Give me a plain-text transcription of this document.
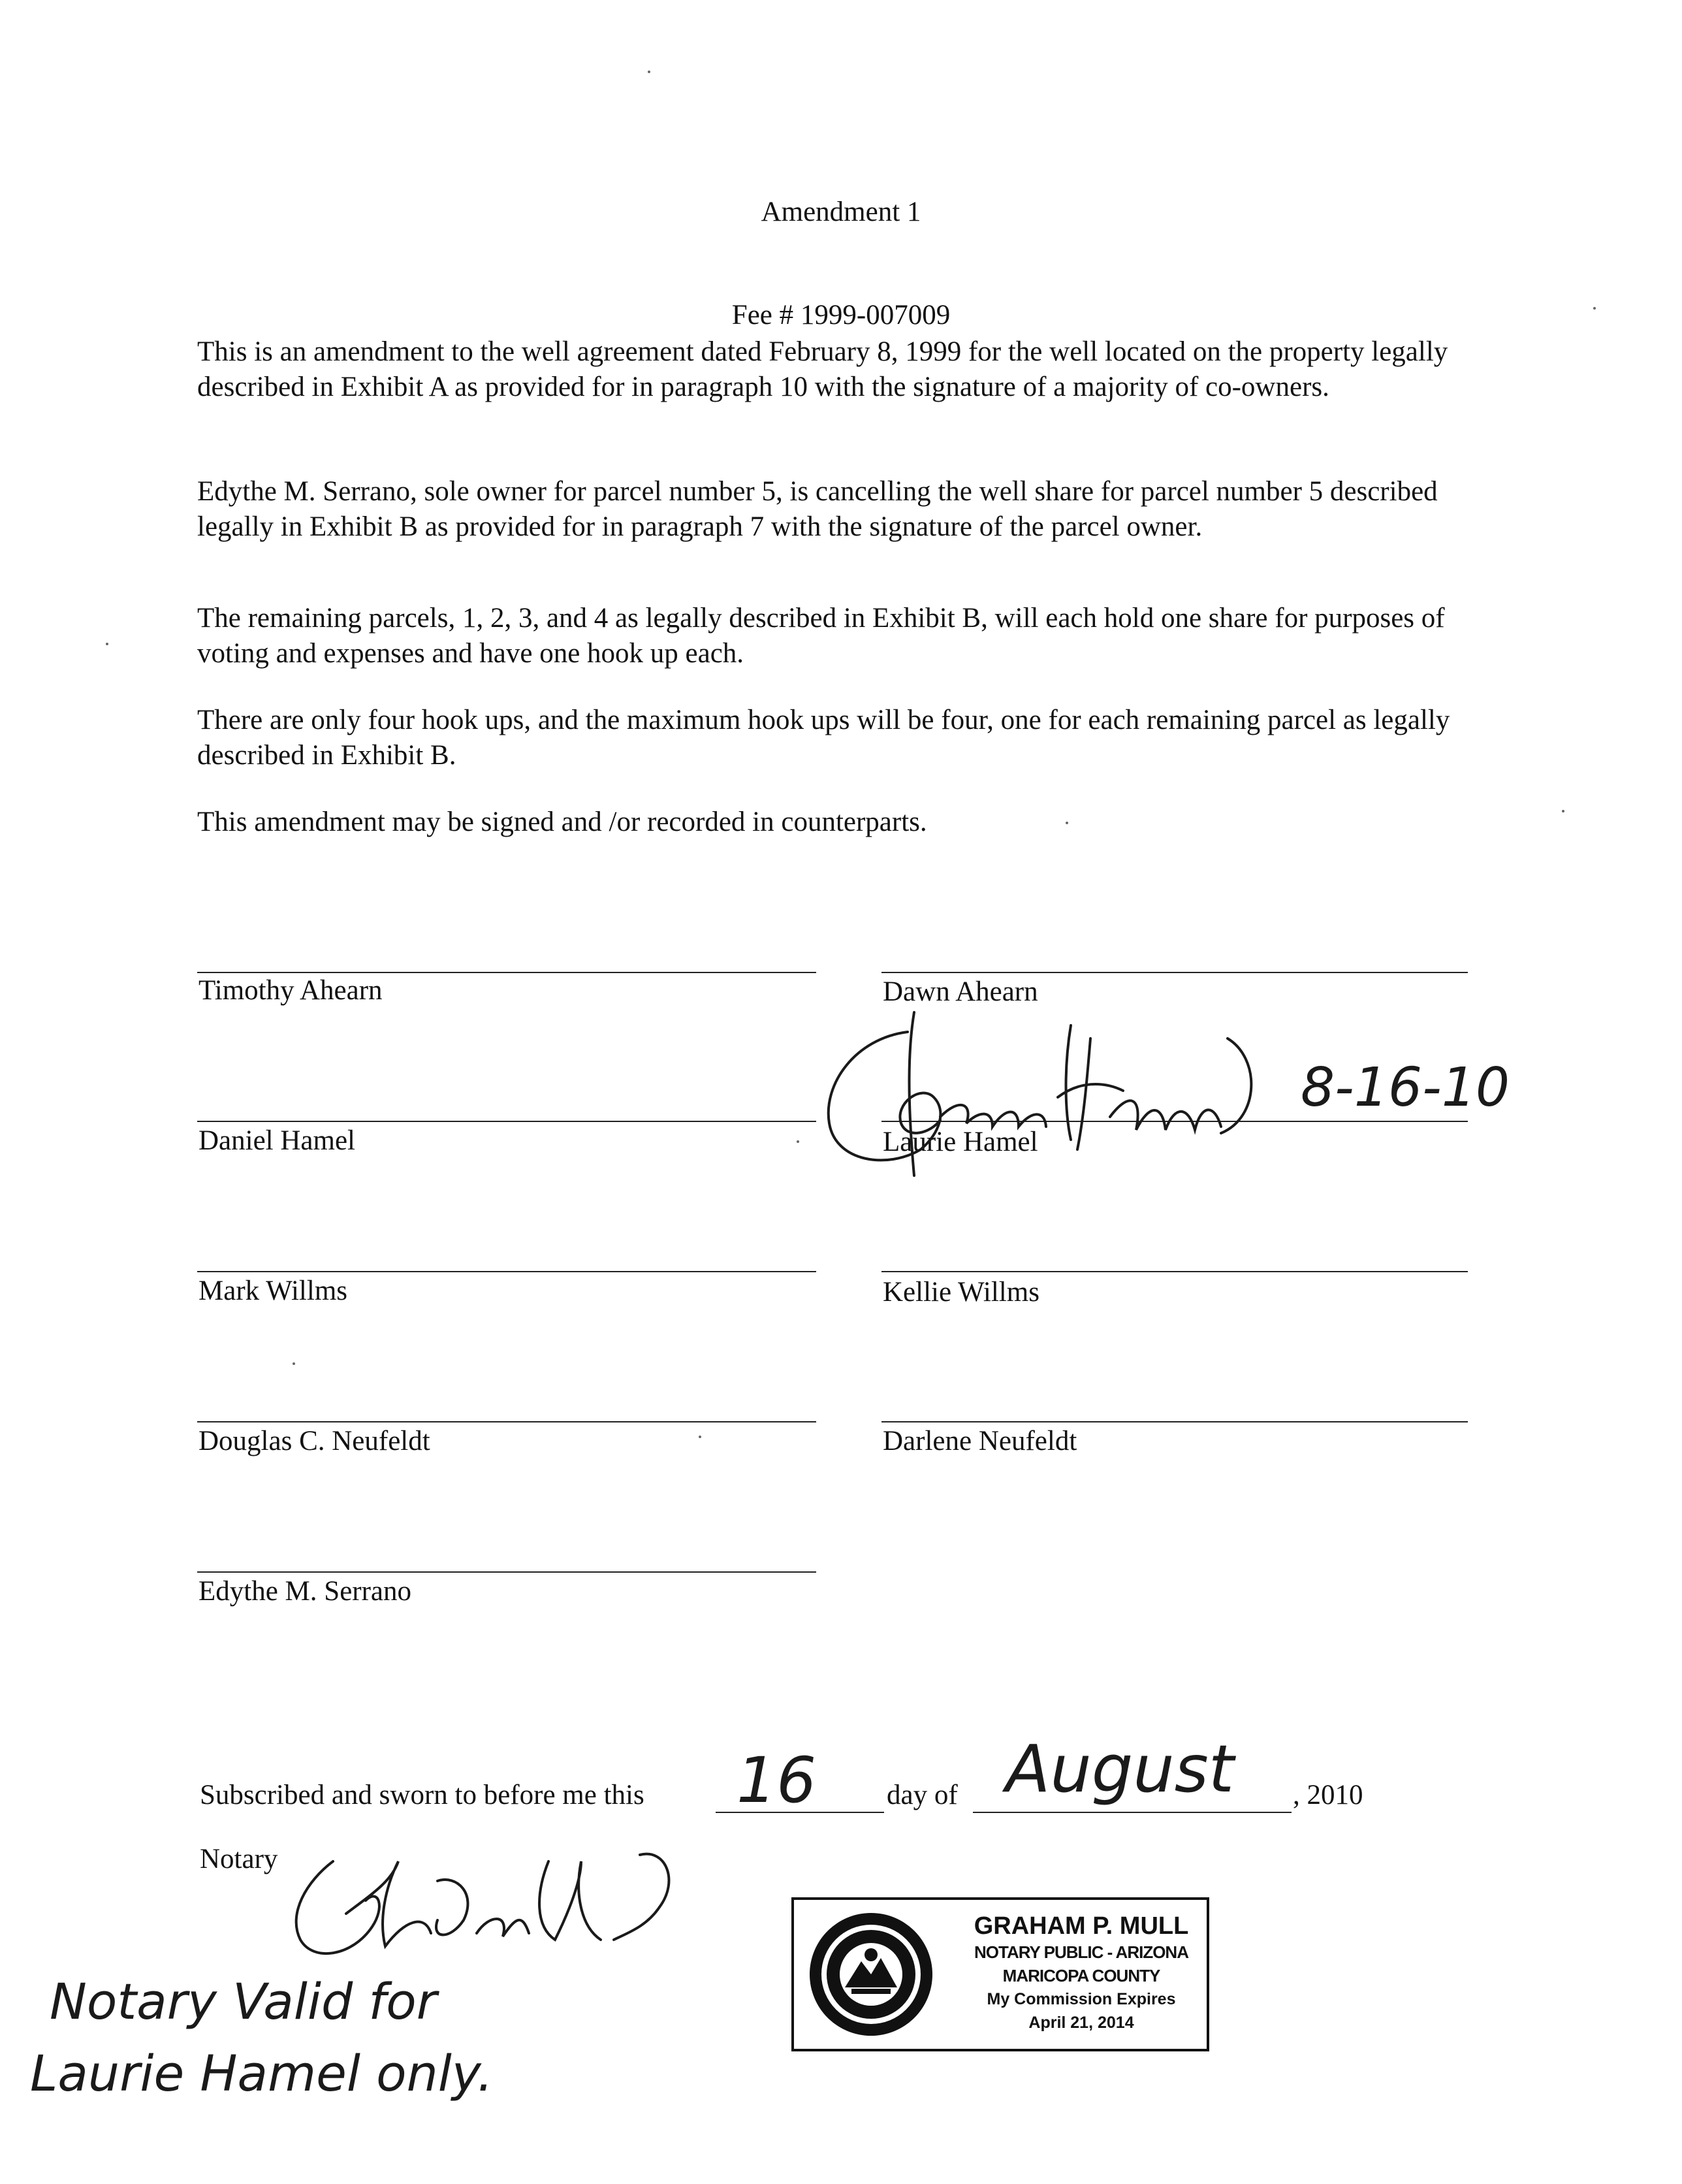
Amendment 1
Fee # 1999-007009
This is an amendment to the well agreement dated February 8, 1999 for the well located on the property legally described in Exhibit A as provided for in paragraph 10 with the signature of a majority of co-owners.
Edythe M. Serrano, sole owner for parcel number 5, is cancelling the well share for parcel number 5 described legally in Exhibit B as provided for in paragraph 7 with the signature of the parcel owner.
The remaining parcels, 1, 2, 3, and 4 as legally described in Exhibit B, will each hold one share for purposes of voting and expenses and have one hook up each.
There are only four hook ups, and the maximum hook ups will be four, one for each remaining parcel as legally described in Exhibit B.
This amendment may be signed and /or recorded in counterparts.
Timothy Ahearn
Daniel Hamel
Mark Willms
Douglas C. Neufeldt
Edythe M. Serrano
Dawn Ahearn
Laurie Hamel
Kellie Willms
Darlene Neufeldt
8-16-10
Subscribed and sworn to before me this 16	day of August , 2010
Notary
Notary Valid for
Laurie Hamel only.
GRAHAM P. MULL
NOTARY PUBLIC - ARIZONA
MARICOPA COUNTY
My Commission Expires
April 21, 2014
